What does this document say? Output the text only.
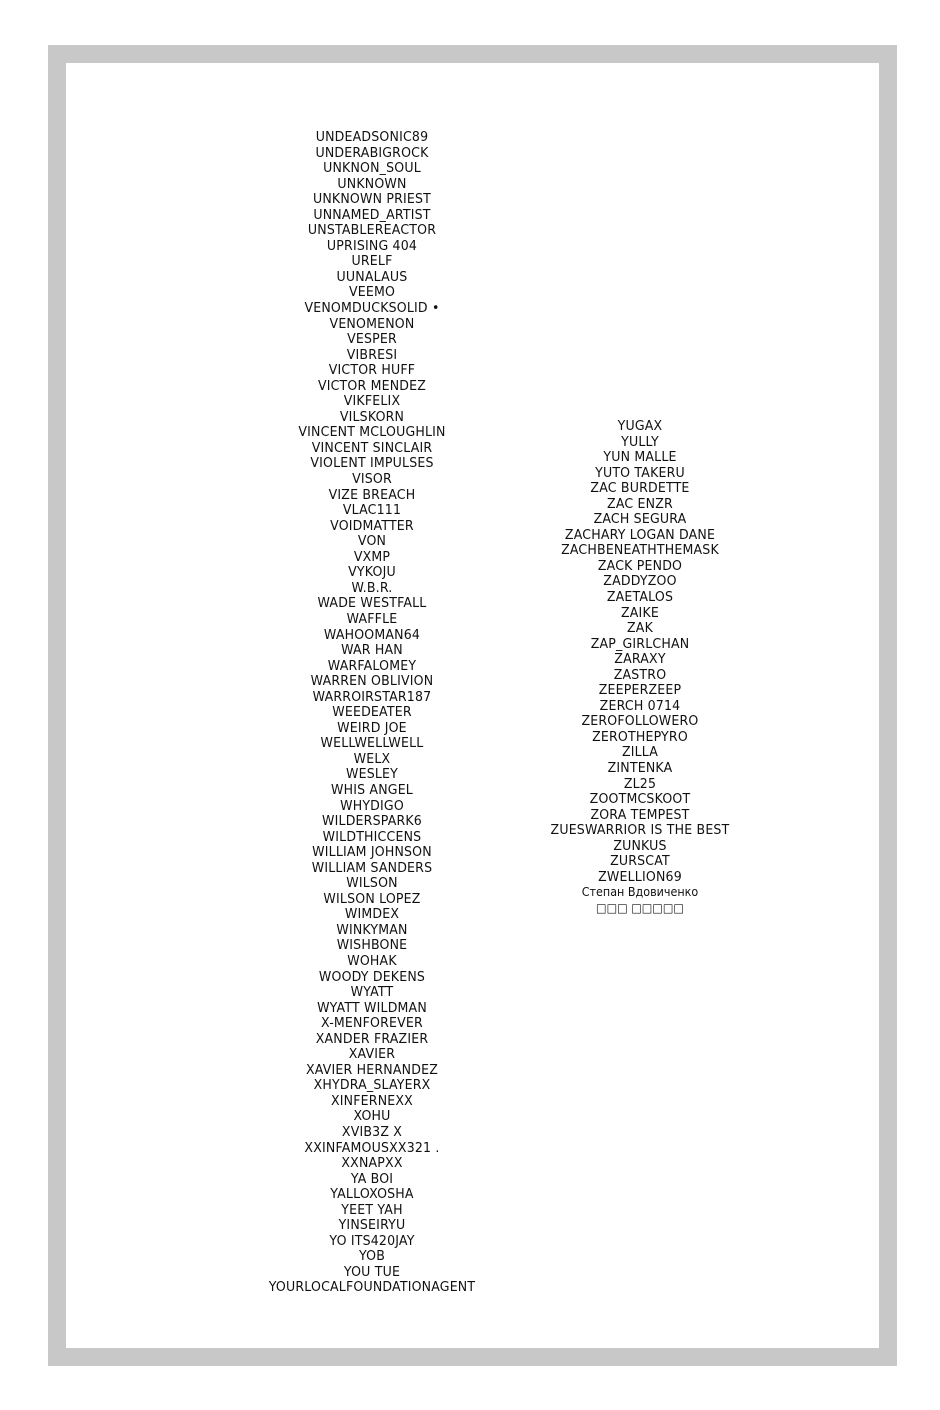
UNDEADSONIC89
UNDERABIGROCK
UNKNON_SOUL
UNKNOWN
UNKNOWN PRIEST
UNNAMED_ARTIST
UNSTABLEREACTOR
UPRISING 404
URELF
UUNALAUS
VEEMO
VENOMDUCKSOLID •
VENOMENON
VESPER
VIBRESI
VICTOR HUFF
VICTOR MENDEZ
VIKFELIX
VILSKORN
VINCENT MCLOUGHLIN
VINCENT SINCLAIR
VIOLENT IMPULSES
VISOR
VIZE BREACH
VLAC111
VOIDMATTER
VON
VXMP
VYKOJU
W.B.R.
WADE WESTFALL
WAFFLE
WAHOOMAN64
WAR HAN
WARFALOMEY
WARREN OBLIVION
WARROIRSTAR187
WEEDEATER
WEIRD JOE
WELLWELLWELL
WELX
WESLEY
WHIS ANGEL
WHYDIGO
WILDERSPARK6
WILDTHICCENS
WILLIAM JOHNSON
WILLIAM SANDERS
WILSON
WILSON LOPEZ
WIMDEX
WINKYMAN
WISHBONE
WOHAK
WOODY DEKENS
WYATT
WYATT WILDMAN
X-MENFOREVER
XANDER FRAZIER
XAVIER
XAVIER HERNANDEZ
XHYDRA_SLAYERX
XINFERNEXX
XOHU
XVIB3Z X
XXINFAMOUSXX321 .
XXNAPXX
YA BOI
YALLOXOSHA
YEET YAH
YINSEIRYU
YO ITS420JAY
YOB
YOU TUE
YOURLOCALFOUNDATIONAGENT
YUGAX
YULLY
YUN MALLE
YUTO TAKERU
ZAC BURDETTE
ZAC ENZR
ZACH SEGURA
ZACHARY LOGAN DANE
ZACHBENEATHTHEMASK
ZACK PENDO
ZADDYZOO
ZAETALOS
ZAIKE
ZAK
ZAP_GIRLCHAN
ZARAXY
ZASTRO
ZEEPERZEEP
ZERCH 0714
ZEROFOLLOWERO
ZEROTHEPYRO
ZILLA
ZINTENKA
ZL25
ZOOTMCSKOOT
ZORA TEMPEST
ZUESWARRIOR IS THE BEST
ZUNKUS
ZURSCAT
ZWELLION69
Степан Вдовиченко
□□□ □□□□□
